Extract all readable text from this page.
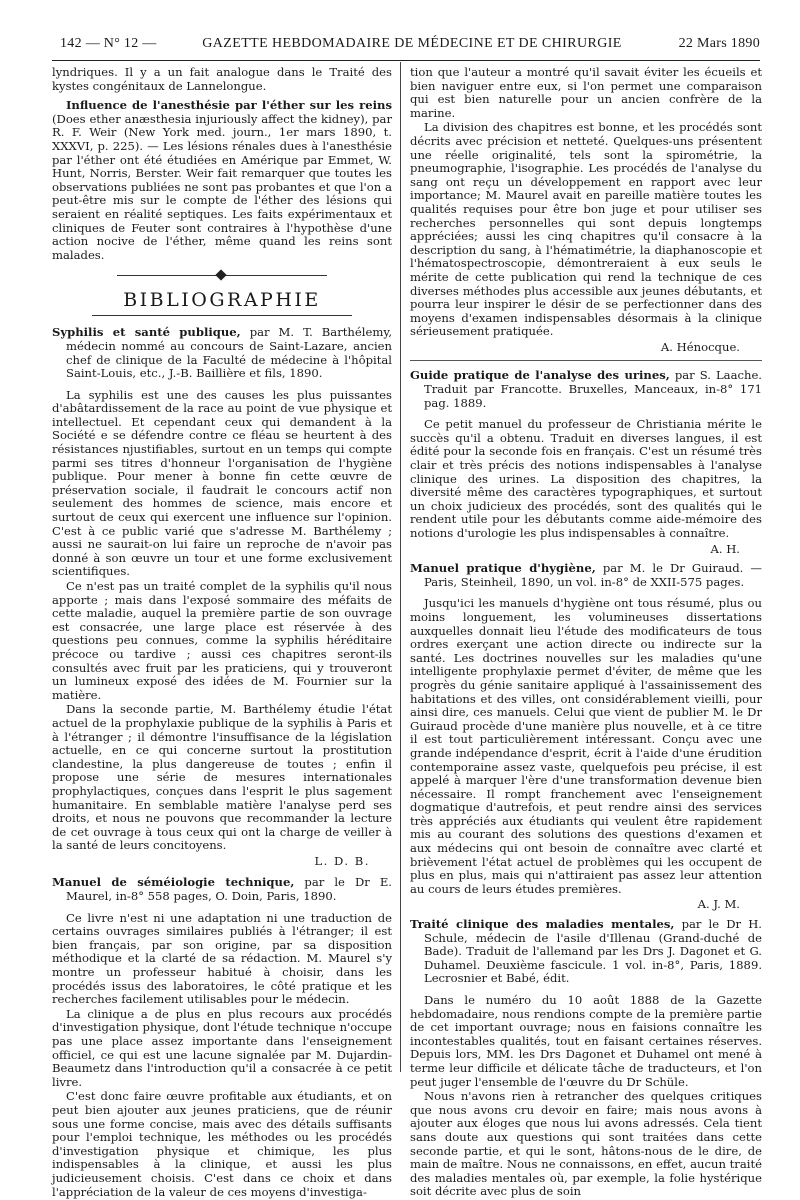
142 — N° 12 —	GAZETTE HEBDOMADAIRE DE MÉDECINE ET DE CHIRURGIE	22 Mars 1890

lyndriques. Il y a un fait analogue dans le Traité des kystes congénitaux de Lannelongue.

Influence de l'anesthésie par l'éther sur les reins (Does ether anæsthesia injuriously affect the kidney), par R. F. Weir (New York med. journ., 1er mars 1890, t. XXXVI, p. 225). — Les lésions rénales dues à l'anesthésie par l'éther ont été étudiées en Amérique par Emmet, W. Hunt, Norris, Berster. Weir fait remarquer que toutes les observations publiées ne sont pas probantes et que l'on a peut-être mis sur le compte de l'éther des lésions qui seraient en réalité septiques. Les faits expérimentaux et cliniques de Feuter sont contraires à l'hypothèse d'une action nocive de l'éther, même quand les reins sont malades.

BIBLIOGRAPHIE

Syphilis et santé publique, par M. T. Barthélemy, médecin nommé au concours de Saint-Lazare, ancien chef de clinique de la Faculté de médecine à l'hôpital Saint-Louis, etc., J.-B. Baillière et fils, 1890.

La syphilis est une des causes les plus puissantes d'abâtardissement de la race au point de vue physique et intellectuel. Et cependant ceux qui demandent à la Société e se défendre contre ce fléau se heurtent à des résistances njustifiables, surtout en un temps qui compte parmi ses titres d'honneur l'organisation de l'hygiène publique. Pour mener à bonne fin cette œuvre de préservation sociale, il faudrait le concours actif non seulement des hommes de science, mais encore et surtout de ceux qui exercent une influence sur l'opinion. C'est à ce public varié que s'adresse M. Barthélemy ; aussi ne saurait-on lui faire un reproche de n'avoir pas donné à son œuvre un tour et une forme exclusivement scientifiques.

Ce n'est pas un traité complet de la syphilis qu'il nous apporte ; mais dans l'exposé sommaire des méfaits de cette maladie, auquel la première partie de son ouvrage est consacrée, une large place est réservée à des questions peu connues, comme la syphilis héréditaire précoce ou tardive ; aussi ces chapitres seront-ils consultés avec fruit par les praticiens, qui y trouveront un lumineux exposé des idées de M. Fournier sur la matière.

Dans la seconde partie, M. Barthélemy étudie l'état actuel de la prophylaxie publique de la syphilis à Paris et à l'étranger ; il démontre l'insuffisance de la législation actuelle, en ce qui concerne surtout la prostitution clandestine, la plus dangereuse de toutes ; enfin il propose une série de mesures internationales prophylactiques, conçues dans l'esprit le plus sagement humanitaire. En semblable matière l'analyse perd ses droits, et nous ne pouvons que recommander la lecture de cet ouvrage à tous ceux qui ont la charge de veiller à la santé de leurs concitoyens.

L. D. B.

Manuel de séméiologie technique, par le Dr E. Maurel, in-8° 558 pages, O. Doin, Paris, 1890.

Ce livre n'est ni une adaptation ni une traduction de certains ouvrages similaires publiés à l'étranger; il est bien français, par son origine, par sa disposition méthodique et la clarté de sa rédaction. M. Maurel s'y montre un professeur habitué à choisir, dans les procédés issus des laboratoires, le côté pratique et les recherches facilement utilisables pour le médecin.

La clinique a de plus en plus recours aux procédés d'investigation physique, dont l'étude technique n'occupe pas une place assez importante dans l'enseignement officiel, ce qui est une lacune signalée par M. Dujardin-Beaumetz dans l'introduction qu'il a consacrée à ce petit livre.

C'est donc faire œuvre profitable aux étudiants, et on peut bien ajouter aux jeunes praticiens, que de réunir sous une forme concise, mais avec des détails suffisants pour l'emploi technique, les méthodes ou les procédés d'investigation physique et chimique, les plus indispensables à la clinique, et aussi les plus judicieusement choisis. C'est dans ce choix et dans l'appréciation de la valeur de ces moyens d'investiga-

tion que l'auteur a montré qu'il savait éviter les écueils et bien naviguer entre eux, si l'on permet une comparaison qui est bien naturelle pour un ancien confrère de la marine.

La division des chapitres est bonne, et les procédés sont décrits avec précision et netteté. Quelques-uns présentent une réelle originalité, tels sont la spirométrie, la pneumographie, l'isographie. Les procédés de l'analyse du sang ont reçu un développement en rapport avec leur importance; M. Maurel avait en pareille matière toutes les qualités requises pour être bon juge et pour utiliser ses recherches personnelles qui sont depuis longtemps appréciées; aussi les cinq chapitres qu'il consacre à la description du sang, à l'hématimétrie, la diaphanoscopie et l'hématospectroscopie, démontreraient à eux seuls le mérite de cette publication qui rend la technique de ces diverses méthodes plus accessible aux jeunes débutants, et pourra leur inspirer le désir de se perfectionner dans des moyens d'examen indispensables désormais à la clinique sérieusement pratiquée.

A. Hénocque.

Guide pratique de l'analyse des urines, par S. Laache. Traduit par Francotte. Bruxelles, Manceaux, in-8° 171 pag. 1889.

Ce petit manuel du professeur de Christiania mérite le succès qu'il a obtenu. Traduit en diverses langues, il est édité pour la seconde fois en français. C'est un résumé très clair et très précis des notions indispensables à l'analyse clinique des urines. La disposition des chapitres, la diversité même des caractères typographiques, et surtout un choix judicieux des procédés, sont des qualités qui le rendent utile pour les débutants comme aide-mémoire des notions d'urologie les plus indispensables à connaître.

A. H.

Manuel pratique d'hygiène, par M. le Dr Guiraud. — Paris, Steinheil, 1890, un vol. in-8° de XXII-575 pages.

Jusqu'ici les manuels d'hygiène ont tous résumé, plus ou moins longuement, les volumineuses dissertations auxquelles donnait lieu l'étude des modificateurs de tous ordres exerçant une action directe ou indirecte sur la santé. Les doctrines nouvelles sur les maladies qu'une intelligente prophylaxie permet d'éviter, de même que les progrès du génie sanitaire appliqué à l'assainissement des habitations et des villes, ont considérablement vieilli, pour ainsi dire, ces manuels. Celui que vient de publier M. le Dr Guiraud procède d'une manière plus nouvelle, et à ce titre il est tout particulièrement intéressant. Conçu avec une grande indépendance d'esprit, écrit à l'aide d'une érudition contemporaine assez vaste, quelquefois peu précise, il est appelé à marquer l'ère d'une transformation devenue bien nécessaire. Il rompt franchement avec l'enseignement dogmatique d'autrefois, et peut rendre ainsi des services très appréciés aux étudiants qui veulent être rapidement mis au courant des solutions des questions d'examen et aux médecins qui ont besoin de connaître avec clarté et brièvement l'état actuel de problèmes qui les occupent de plus en plus, mais qui n'attiraient pas assez leur attention au cours de leurs études premières.

A. J. M.

Traité clinique des maladies mentales, par le Dr H. Schule, médecin de l'asile d'Illenau (Grand-duché de Bade). Traduit de l'allemand par les Drs J. Dagonet et G. Duhamel. Deuxième fascicule. 1 vol. in-8°, Paris, 1889. Lecrosnier et Babé, édit.

Dans le numéro du 10 août 1888 de la Gazette hebdomadaire, nous rendions compte de la première partie de cet important ouvrage; nous en faisions connaître les incontestables qualités, tout en faisant certaines réserves. Depuis lors, MM. les Drs Dagonet et Duhamel ont mené à terme leur difficile et délicate tâche de traducteurs, et l'on peut juger l'ensemble de l'œuvre du Dr Schüle.

Nous n'avons rien à retrancher des quelques critiques que nous avons cru devoir en faire; mais nous avons à ajouter aux éloges que nous lui avons adressés. Cela tient sans doute aux questions qui sont traitées dans cette seconde partie, et qui le sont, hâtons-nous de le dire, de main de maître. Nous ne connaissons, en effet, aucun traité des maladies mentales où, par exemple, la folie hystérique soit décrite avec plus de soin
